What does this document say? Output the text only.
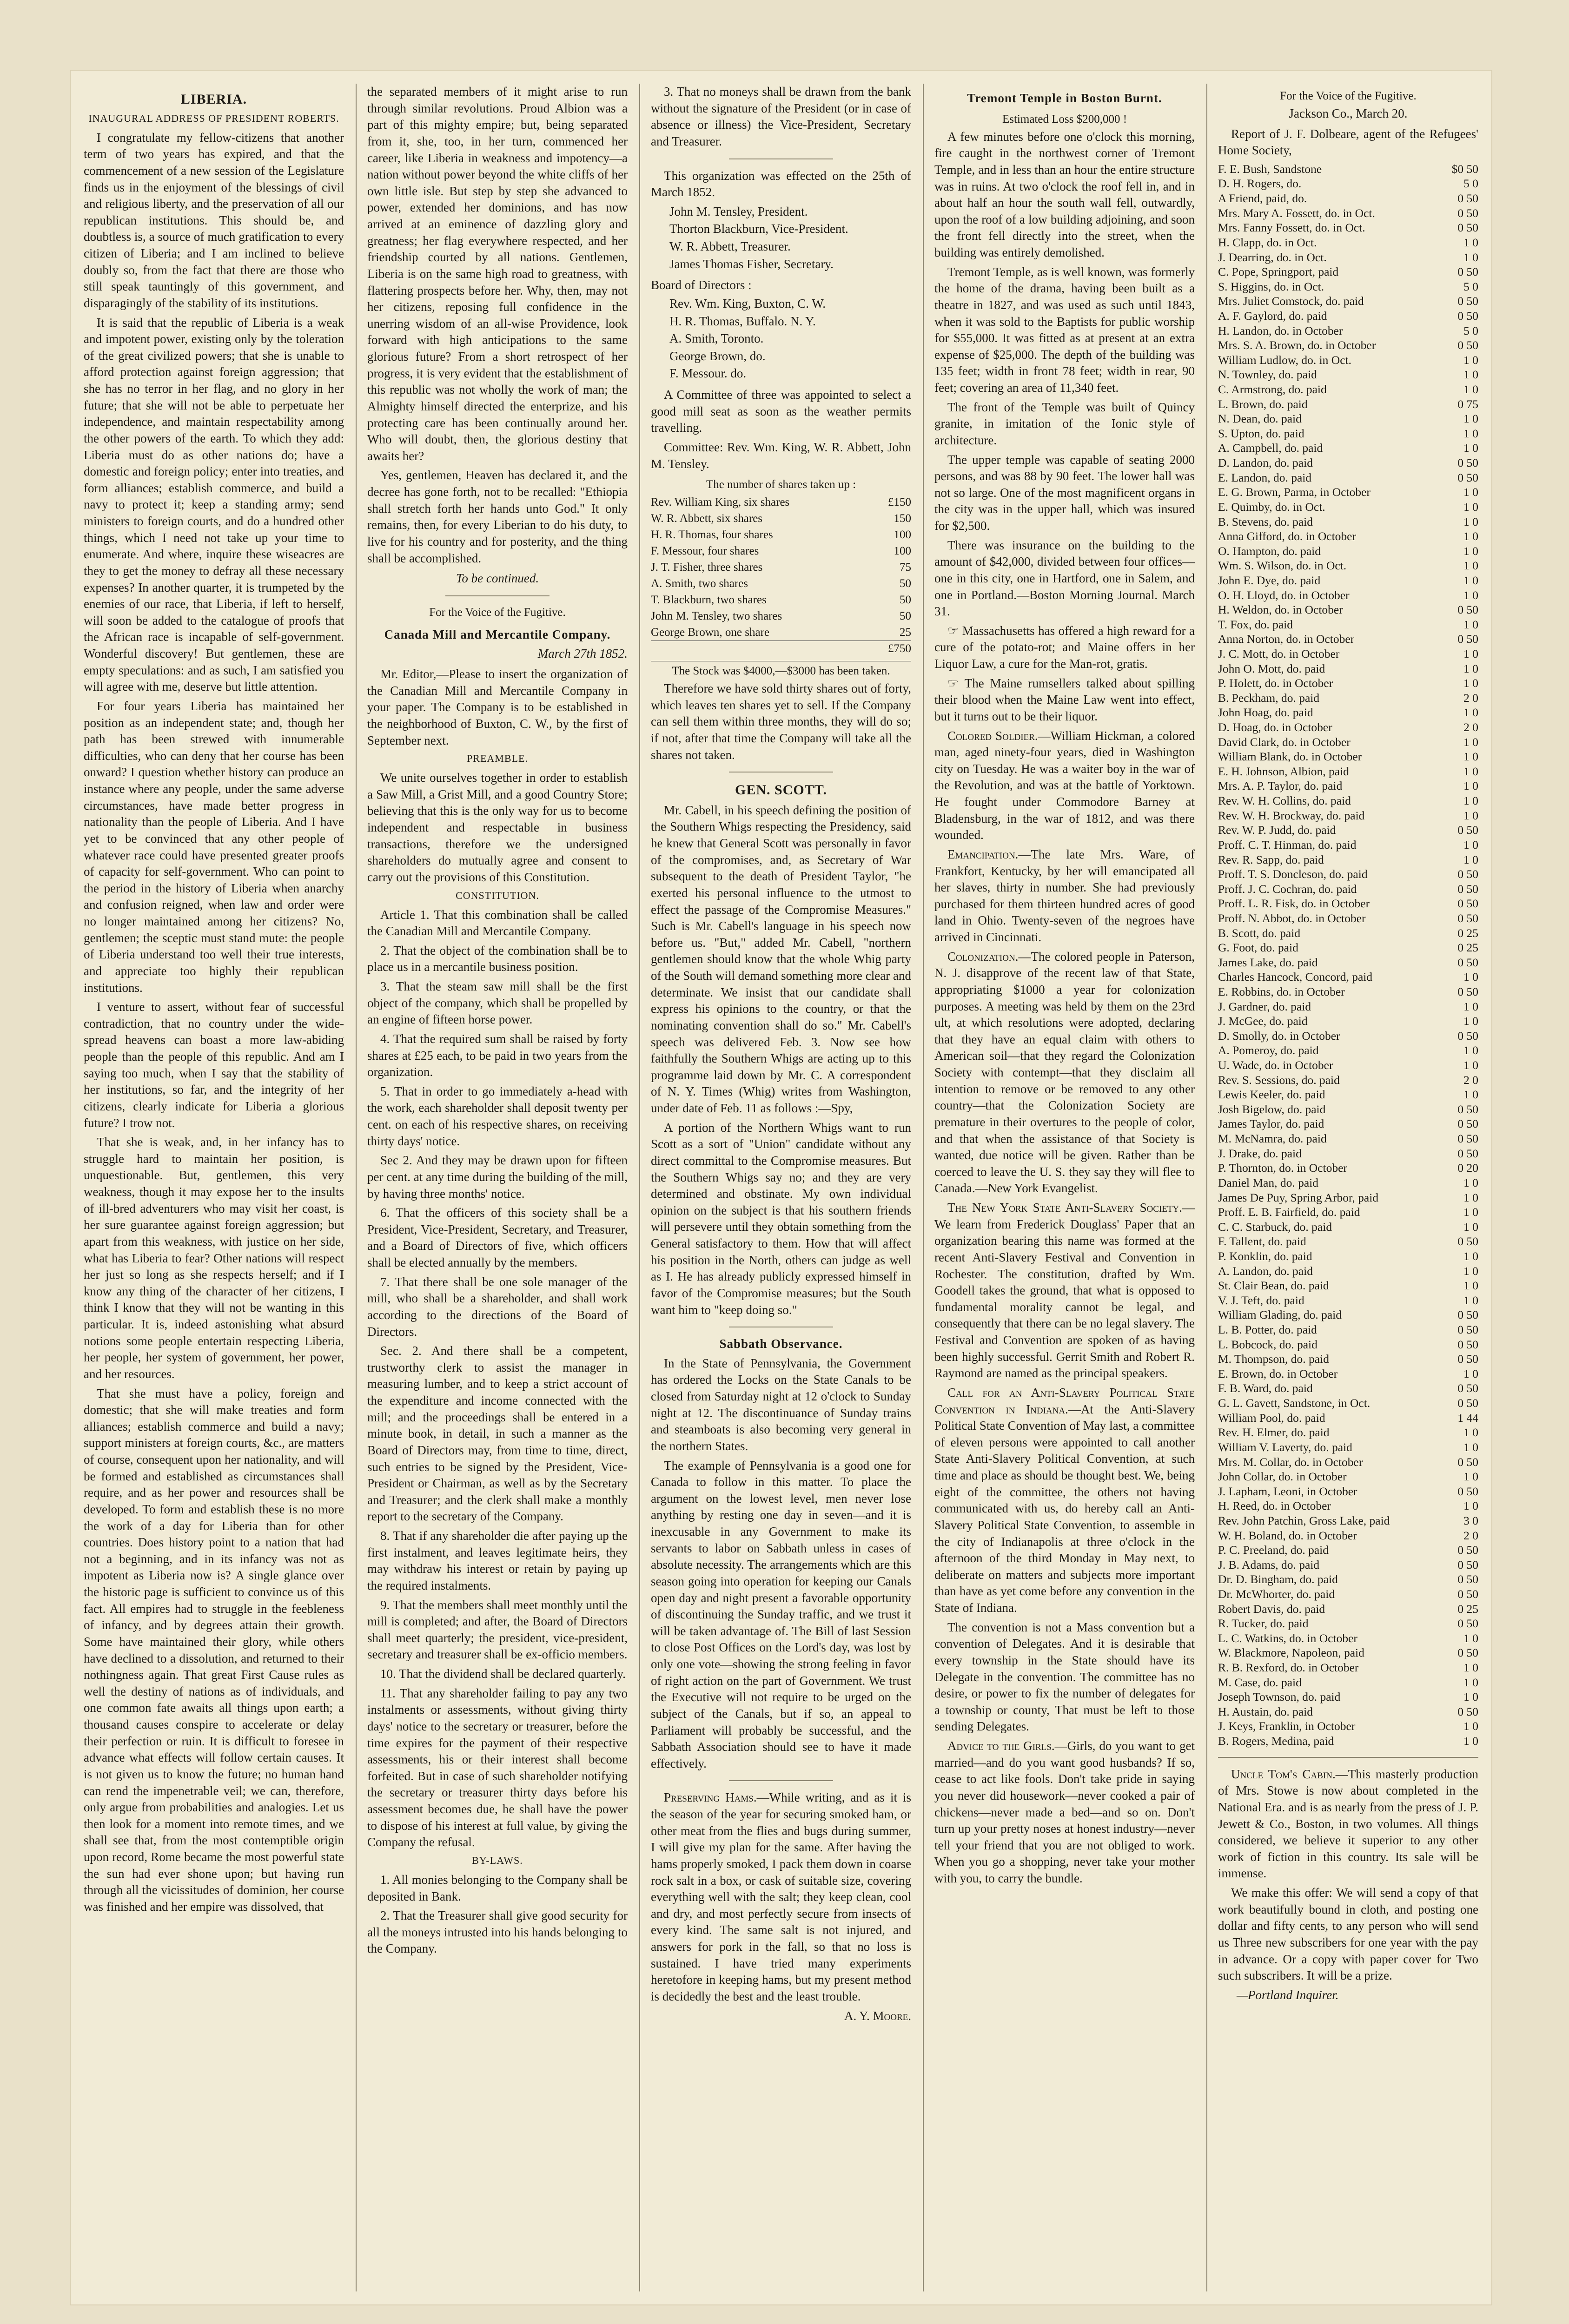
LIBERIA.
INAUGURAL ADDRESS OF PRESIDENT ROBERTS.

I congratulate my fellow-citizens that another term of two years has expired, and that the commencement of a new session of the Legislature finds us in the enjoyment of the blessings of civil and religious liberty, and the preservation of all our republican institutions. This should be, and doubtless is, a source of much gratification to every citizen of Liberia; and I am inclined to believe doubly so, from the fact that there are those who still speak tauntingly of this government, and disparagingly of the stability of its institutions.

It is said that the republic of Liberia is a weak and impotent power, existing only by the toleration of the great civilized powers; that she is unable to afford protection against foreign aggression; that she has no terror in her flag, and no glory in her future; that she will not be able to perpetuate her independence, and maintain respectability among the other powers of the earth. To which they add: Liberia must do as other nations do; have a domestic and foreign policy; enter into treaties, and form alliances; establish commerce, and build a navy to protect it; keep a standing army; send ministers to foreign courts, and do a hundred other things, which I need not take up your time to enumerate. And where, inquire these wiseacres are they to get the money to defray all these necessary expenses? In another quarter, it is trumpeted by the enemies of our race, that Liberia, if left to herself, will soon be added to the catalogue of proofs that the African race is incapable of self-government. Wonderful discovery! But gentlemen, these are empty speculations: and as such, I am satisfied you will agree with me, deserve but little attention.

For four years Liberia has maintained her position as an independent state; and, though her path has been strewed with innumerable difficulties, who can deny that her course has been onward? I question whether history can produce an instance where any people, under the same adverse circumstances, have made better progress in nationality than the people of Liberia. And I have yet to be convinced that any other people of whatever race could have presented greater proofs of capacity for self-government. Who can point to the period in the history of Liberia when anarchy and confusion reigned, when law and order were no longer maintained among her citizens? No, gentlemen; the sceptic must stand mute: the people of Liberia understand too well their true interests, and appreciate too highly their republican institutions.

I venture to assert, without fear of successful contradiction, that no country under the wide-spread heavens can boast a more law-abiding people than the people of this republic. And am I saying too much, when I say that the stability of her institutions, so far, and the integrity of her citizens, clearly indicate for Liberia a glorious future? I trow not.

That she is weak, and, in her infancy has to struggle hard to maintain her position, is unquestionable. But, gentlemen, this very weakness, though it may expose her to the insults of ill-bred adventurers who may visit her coast, is her sure guarantee against foreign aggression; but apart from this weakness, with justice on her side, what has Liberia to fear? Other nations will respect her just so long as she respects herself; and if I know any thing of the character of her citizens, I think I know that they will not be wanting in this particular. It is, indeed astonishing what absurd notions some people entertain respecting Liberia, her people, her system of government, her power, and her resources.

That she must have a policy, foreign and domestic; that she will make treaties and form alliances; establish commerce and build a navy; support ministers at foreign courts, &c., are matters of course, consequent upon her nationality, and will be formed and established as circumstances shall require, and as her power and resources shall be developed. To form and establish these is no more the work of a day for Liberia than for other countries. Does history point to a nation that had not a beginning, and in its infancy was not as impotent as Liberia now is? A single glance over the historic page is sufficient to convince us of this fact. All empires had to struggle in the feebleness of infancy, and by degrees attain their growth. Some have maintained their glory, while others have declined to a dissolution, and returned to their nothingness again. That great First Cause rules as well the destiny of nations as of individuals, and one common fate awaits all things upon earth; a thousand causes conspire to accelerate or delay their perfection or ruin. It is difficult to foresee in advance what effects will follow certain causes. It is not given us to know the future; no human hand can rend the impenetrable veil; we can, therefore, only argue from probabilities and analogies. Let us then look for a moment into remote times, and we shall see that, from the most contemptible origin upon record, Rome became the most powerful state the sun had ever shone upon; but having run through all the vicissitudes of dominion, her course was finished and her empire was dissolved, that

the separated members of it might arise to run through similar revolutions. Proud Albion was a part of this mighty empire; but, being separated from it, she, too, in her turn, commenced her career, like Liberia in weakness and impotency—a nation without power beyond the white cliffs of her own little isle. But step by step she advanced to power, extended her dominions, and has now arrived at an eminence of dazzling glory and greatness; her flag everywhere respected, and her friendship courted by all nations. Gentlemen, Liberia is on the same high road to greatness, with flattering prospects before her. Why, then, may not her citizens, reposing full confidence in the unerring wisdom of an all-wise Providence, look forward with high anticipations to the same glorious future? From a short retrospect of her progress, it is very evident that the establishment of this republic was not wholly the work of man; the Almighty himself directed the enterprize, and his protecting care has been continually around her. Who will doubt, then, the glorious destiny that awaits her?

Yes, gentlemen, Heaven has declared it, and the decree has gone forth, not to be recalled: "Ethiopia shall stretch forth her hands unto God." It only remains, then, for every Liberian to do his duty, to live for his country and for posterity, and the thing shall be accomplished.

To be continued.
For the Voice of the Fugitive.
Canada Mill and Mercantile Company.
March 27th 1852.

Mr. Editor,—Please to insert the organization of the Canadian Mill and Mercantile Company in your paper. The Company is to be established in the neighborhood of Buxton, C. W., by the first of September next.

PREAMBLE.

We unite ourselves together in order to establish a Saw Mill, a Grist Mill, and a good Country Store; believing that this is the only way for us to become independent and respectable in business transactions, therefore we the undersigned shareholders do mutually agree and consent to carry out the provisions of this Constitution.

CONSTITUTION.

Article 1. That this combination shall be called the Canadian Mill and Mercantile Company.

2. That the object of the combination shall be to place us in a mercantile business position.

3. That the steam saw mill shall be the first object of the company, which shall be propelled by an engine of fifteen horse power.

4. That the required sum shall be raised by forty shares at £25 each, to be paid in two years from the organization.

5. That in order to go immediately a-head with the work, each shareholder shall deposit twenty per cent. on each of his respective shares, on receiving thirty days' notice.

Sec 2. And they may be drawn upon for fifteen per cent. at any time during the building of the mill, by having three months' notice.

6. That the officers of this society shall be a President, Vice-President, Secretary, and Treasurer, and a Board of Directors of five, which officers shall be elected annually by the members.

7. That there shall be one sole manager of the mill, who shall be a shareholder, and shall work according to the directions of the Board of Directors.

Sec. 2. And there shall be a competent, trustworthy clerk to assist the manager in measuring lumber, and to keep a strict account of the expenditure and income connected with the mill; and the proceedings shall be entered in a minute book, in detail, in such a manner as the Board of Directors may, from time to time, direct, such entries to be signed by the President, Vice-President or Chairman, as well as by the Secretary and Treasurer; and the clerk shall make a monthly report to the secretary of the Company.

8. That if any shareholder die after paying up the first instalment, and leaves legitimate heirs, they may withdraw his interest or retain by paying up the required instalments.

9. That the members shall meet monthly until the mill is completed; and after, the Board of Directors shall meet quarterly; the president, vice-president, secretary and treasurer shall be ex-officio members.

10. That the dividend shall be declared quarterly.

11. That any shareholder failing to pay any two instalments or assessments, without giving thirty days' notice to the secretary or treasurer, before the time expires for the payment of their respective assessments, his or their interest shall become forfeited. But in case of such shareholder notifying the secretary or treasurer thirty days before his assessment becomes due, he shall have the power to dispose of his interest at full value, by giving the Company the refusal.

BY-LAWS.

1. All monies belonging to the Company shall be deposited in Bank.

2. That the Treasurer shall give good security for all the moneys intrusted into his hands belonging to the Company.

3. That no moneys shall be drawn from the bank without the signature of the President (or in case of absence or illness) the Vice-President, Secretary and Treasurer.

This organization was effected on the 25th of March 1852.

John M. Tensley, President.
Thorton Blackburn, Vice-President.
W. R. Abbett, Treasurer.
James Thomas Fisher, Secretary.
Board of Directors :
Rev. Wm. King, Buxton, C. W.
H. R. Thomas, Buffalo. N. Y.
A. Smith, Toronto.
George Brown, do.
F. Messour. do.

A Committee of three was appointed to select a good mill seat as soon as the weather permits travelling.

Committee: Rev. Wm. King, W. R. Abbett, John M. Tensley.

The number of shares taken up :
Rev. William King, six shares	£150
W. R. Abbett, six shares	150
H. R. Thomas, four shares	100
F. Messour, four shares	100
J. T. Fisher, three shares	75
A. Smith, two shares	50
T. Blackburn, two shares	50
John M. Tensley, two shares	50
George Brown, one share	25
£750
The Stock was $4000,—$3000 has been taken.

Therefore we have sold thirty shares out of forty, which leaves ten shares yet to sell. If the Company can sell them within three months, they will do so; if not, after that time the Company will take all the shares not taken.

GEN. SCOTT.

Mr. Cabell, in his speech defining the position of the Southern Whigs respecting the Presidency, said he knew that General Scott was personally in favor of the compromises, and, as Secretary of War subsequent to the death of President Taylor, "he exerted his personal influence to the utmost to effect the passage of the Compromise Measures." Such is Mr. Cabell's language in his speech now before us. "But," added Mr. Cabell, "northern gentlemen should know that the whole Whig party of the South will demand something more clear and determinate. We insist that our candidate shall express his opinions to the country, or that the nominating convention shall do so." Mr. Cabell's speech was delivered Feb. 3. Now see how faithfully the Southern Whigs are acting up to this programme laid down by Mr. C. A correspondent of N. Y. Times (Whig) writes from Washington, under date of Feb. 11 as follows :—Spy,

A portion of the Northern Whigs want to run Scott as a sort of "Union" candidate without any direct committal to the Compromise measures. But the Southern Whigs say no; and they are very determined and obstinate. My own individual opinion on the subject is that his southern friends will persevere until they obtain something from the General satisfactory to them. How that will affect his position in the North, others can judge as well as I. He has already publicly expressed himself in favor of the Compromise measures; but the South want him to "keep doing so."

Sabbath Observance.

In the State of Pennsylvania, the Government has ordered the Locks on the State Canals to be closed from Saturday night at 12 o'clock to Sunday night at 12. The discontinuance of Sunday trains and steamboats is also becoming very general in the northern States.

The example of Pennsylvania is a good one for Canada to follow in this matter. To place the argument on the lowest level, men never lose anything by resting one day in seven—and it is inexcusable in any Government to make its servants to labor on Sabbath unless in cases of absolute necessity. The arrangements which are this season going into operation for keeping our Canals open day and night present a favorable opportunity of discontinuing the Sunday traffic, and we trust it will be taken advantage of. The Bill of last Session to close Post Offices on the Lord's day, was lost by only one vote—showing the strong feeling in favor of right action on the part of Government. We trust the Executive will not require to be urged on the subject of the Canals, but if so, an appeal to Parliament will probably be successful, and the Sabbath Association should see to have it made effectively.

Preserving Hams.—While writing, and as it is the season of the year for securing smoked ham, or other meat from the flies and bugs during summer, I will give my plan for the same. After having the hams properly smoked, I pack them down in coarse rock salt in a box, or cask of suitable size, covering everything well with the salt; they keep clean, cool and dry, and most perfectly secure from insects of every kind. The same salt is not injured, and answers for pork in the fall, so that no loss is sustained. I have tried many experiments heretofore in keeping hams, but my present method is decidedly the best and the least trouble.

A. Y. Moore.
Tremont Temple in Boston Burnt.
Estimated Loss $200,000 !

A few minutes before one o'clock this morning, fire caught in the northwest corner of Tremont Temple, and in less than an hour the entire structure was in ruins. At two o'clock the roof fell in, and in about half an hour the south wall fell, outwardly, upon the roof of a low building adjoining, and soon the front fell directly into the street, when the building was entirely demolished.

Tremont Temple, as is well known, was formerly the home of the drama, having been built as a theatre in 1827, and was used as such until 1843, when it was sold to the Baptists for public worship for $55,000. It was fitted as at present at an extra expense of $25,000. The depth of the building was 135 feet; width in front 78 feet; width in rear, 90 feet; covering an area of 11,340 feet.

The front of the Temple was built of Quincy granite, in imitation of the Ionic style of architecture.

The upper temple was capable of seating 2000 persons, and was 88 by 90 feet. The lower hall was not so large. One of the most magnificent organs in the city was in the upper hall, which was insured for $2,500.

There was insurance on the building to the amount of $42,000, divided between four offices—one in this city, one in Hartford, one in Salem, and one in Portland.—Boston Morning Journal. March 31.

☞ Massachusetts has offered a high reward for a cure of the potato-rot; and Maine offers in her Liquor Law, a cure for the Man-rot, gratis.

☞ The Maine rumsellers talked about spilling their blood when the Maine Law went into effect, but it turns out to be their liquor.

Colored Soldier.—William Hickman, a colored man, aged ninety-four years, died in Washington city on Tuesday. He was a waiter boy in the war of the Revolution, and was at the battle of Yorktown. He fought under Commodore Barney at Bladensburg, in the war of 1812, and was there wounded.

Emancipation.—The late Mrs. Ware, of Frankfort, Kentucky, by her will emancipated all her slaves, thirty in number. She had previously purchased for them thirteen hundred acres of good land in Ohio. Twenty-seven of the negroes have arrived in Cincinnati.

Colonization.—The colored people in Paterson, N. J. disapprove of the recent law of that State, appropriating $1000 a year for colonization purposes. A meeting was held by them on the 23rd ult, at which resolutions were adopted, declaring that they have an equal claim with others to American soil—that they regard the Colonization Society with contempt—that they disclaim all intention to remove or be removed to any other country—that the Colonization Society are premature in their overtures to the people of color, and that when the assistance of that Society is wanted, due notice will be given. Rather than be coerced to leave the U. S. they say they will flee to Canada.—New York Evangelist.

The New York State Anti-Slavery Society.—We learn from Frederick Douglass' Paper that an organization bearing this name was formed at the recent Anti-Slavery Festival and Convention in Rochester. The constitution, drafted by Wm. Goodell takes the ground, that what is opposed to fundamental morality cannot be legal, and consequently that there can be no legal slavery. The Festival and Convention are spoken of as having been highly successful. Gerrit Smith and Robert R. Raymond are named as the principal speakers.

Call for an Anti-Slavery Political State Convention in Indiana.—At the Anti-Slavery Political State Convention of May last, a committee of eleven persons were appointed to call another State Anti-Slavery Political Convention, at such time and place as should be thought best. We, being eight of the committee, the others not having communicated with us, do hereby call an Anti-Slavery Political State Convention, to assemble in the city of Indianapolis at three o'clock in the afternoon of the third Monday in May next, to deliberate on matters and subjects more important than have as yet come before any convention in the State of Indiana.

The convention is not a Mass convention but a convention of Delegates. And it is desirable that every township in the State should have its Delegate in the convention. The committee has no desire, or power to fix the number of delegates for a township or county, That must be left to those sending Delegates.

Advice to the Girls.—Girls, do you want to get married—and do you want good husbands? If so, cease to act like fools. Don't take pride in saying you never did housework—never cooked a pair of chickens—never made a bed—and so on. Don't turn up your pretty noses at honest industry—never tell your friend that you are not obliged to work. When you go a shopping, never take your mother with you, to carry the bundle.

For the Voice of the Fugitive.
Jackson Co., March 20.

Report of J. F. Dolbeare, agent of the Refugees' Home Society,

F. E. Bush, Sandstone	$0 50
D. H. Rogers, do.	5 0
A Friend, paid, do.	0 50
Mrs. Mary A. Fossett, do. in Oct.	0 50
Mrs. Fanny Fossett, do. in Oct.	0 50
H. Clapp, do. in Oct.	1 0
J. Dearring, do. in Oct.	1 0
C. Pope, Springport, paid	0 50
S. Higgins, do. in Oct.	5 0
Mrs. Juliet Comstock, do. paid	0 50
A. F. Gaylord, do. paid	0 50
H. Landon, do. in October	5 0
Mrs. S. A. Brown, do. in October	0 50
William Ludlow, do. in Oct.	1 0
N. Townley, do. paid	1 0
C. Armstrong, do. paid	1 0
L. Brown, do. paid	0 75
N. Dean, do. paid	1 0
S. Upton, do. paid	1 0
A. Campbell, do. paid	1 0
D. Landon, do. paid	0 50
E. Landon, do. paid	0 50
E. G. Brown, Parma, in October	1 0
E. Quimby, do. in Oct.	1 0
B. Stevens, do. paid	1 0
Anna Gifford, do. in October	1 0
O. Hampton, do. paid	1 0
Wm. S. Wilson, do. in Oct.	1 0
John E. Dye, do. paid	1 0
O. H. Lloyd, do. in October	1 0
H. Weldon, do. in October	0 50
T. Fox, do. paid	1 0
Anna Norton, do. in October	0 50
J. C. Mott, do. in October	1 0
John O. Mott, do. paid	1 0
P. Holett, do. in October	1 0
B. Peckham, do. paid	2 0
John Hoag, do. paid	1 0
D. Hoag, do. in October	2 0
David Clark, do. in October	1 0
William Blank, do. in October	1 0
E. H. Johnson, Albion, paid	1 0
Mrs. A. P. Taylor, do. paid	1 0
Rev. W. H. Collins, do. paid	1 0
Rev. W. H. Brockway, do. paid	1 0
Rev. W. P. Judd, do. paid	0 50
Proff. C. T. Hinman, do. paid	1 0
Rev. R. Sapp, do. paid	1 0
Proff. T. S. Doncleson, do. paid	0 50
Proff. J. C. Cochran, do. paid	0 50
Proff. L. R. Fisk, do. in October	0 50
Proff. N. Abbot, do. in October	0 50
B. Scott, do. paid	0 25
G. Foot, do. paid	0 25
James Lake, do. paid	0 50
Charles Hancock, Concord, paid	1 0
E. Robbins, do. in October	0 50
J. Gardner, do. paid	1 0
J. McGee, do. paid	1 0
D. Smolly, do. in October	0 50
A. Pomeroy, do. paid	1 0
U. Wade, do. in October	1 0
Rev. S. Sessions, do. paid	2 0
Lewis Keeler, do. paid	1 0
Josh Bigelow, do. paid	0 50
James Taylor, do. paid	0 50
M. McNamra, do. paid	0 50
J. Drake, do. paid	0 50
P. Thornton, do. in October	0 20
Daniel Man, do. paid	1 0
James De Puy, Spring Arbor, paid	1 0
Proff. E. B. Fairfield, do. paid	1 0
C. C. Starbuck, do. paid	1 0
F. Tallent, do. paid	0 50
P. Konklin, do. paid	1 0
A. Landon, do. paid	1 0
St. Clair Bean, do. paid	1 0
V. J. Teft, do. paid	1 0
William Glading, do. paid	0 50
L. B. Potter, do. paid	0 50
L. Bobcock, do. paid	0 50
M. Thompson, do. paid	0 50
E. Brown, do. in October	1 0
F. B. Ward, do. paid	0 50
G. L. Gavett, Sandstone, in Oct.	0 50
William Pool, do. paid	1 44
Rev. H. Elmer, do. paid	1 0
William V. Laverty, do. paid	1 0
Mrs. M. Collar, do. in October	0 50
John Collar, do. in October	1 0
J. Lapham, Leoni, in October	0 50
H. Reed, do. in October	1 0
Rev. John Patchin, Gross Lake, paid	3 0
W. H. Boland, do. in October	2 0
P. C. Preeland, do. paid	0 50
J. B. Adams, do. paid	0 50
Dr. D. Bingham, do. paid	0 50
Dr. McWhorter, do. paid	0 50
Robert Davis, do. paid	0 25
R. Tucker, do. paid	0 50
L. C. Watkins, do. in October	1 0
W. Blackmore, Napoleon, paid	0 50
R. B. Rexford, do. in October	1 0
M. Case, do. paid	1 0
Joseph Townson, do. paid	1 0
H. Austain, do. paid	0 50
J. Keys, Franklin, in October	1 0
B. Rogers, Medina, paid	1 0

Uncle Tom's Cabin.—This masterly production of Mrs. Stowe is now about completed in the National Era. and is as nearly from the press of J. P. Jewett & Co., Boston, in two volumes. All things considered, we believe it superior to any other work of fiction in this country. Its sale will be immense.

We make this offer: We will send a copy of that work beautifully bound in cloth, and posting one dollar and fifty cents, to any person who will send us Three new subscribers for one year with the pay in advance. Or a copy with paper cover for Two such subscribers. It will be a prize.

—Portland Inquirer.
